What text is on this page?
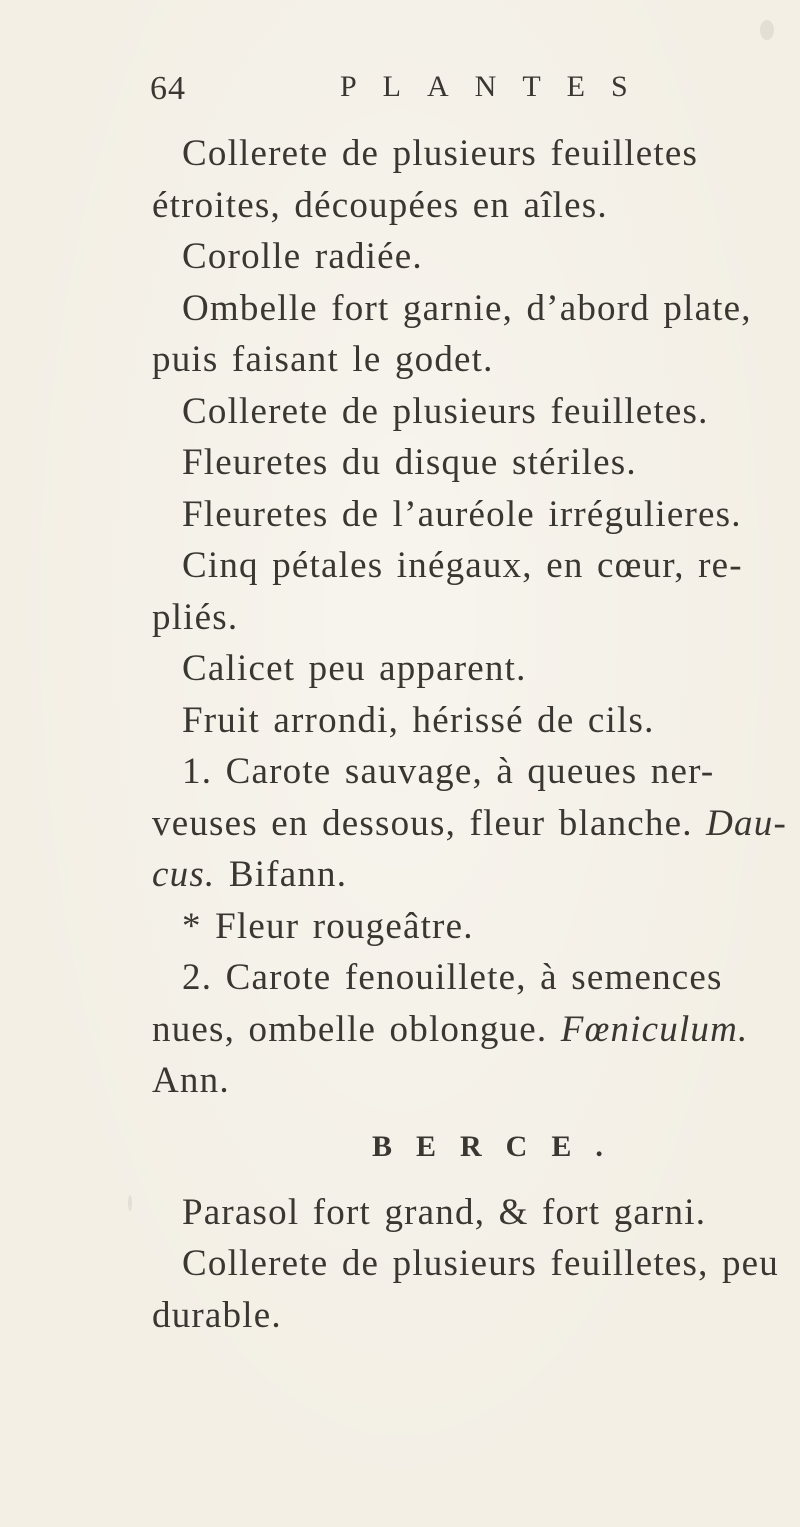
64	PLANTES
Collerete de plusieurs feuilletes
étroites, découpées en aîles.
Corolle radiée.
Ombelle fort garnie, d’abord plate,
puis faisant le godet.
Collerete de plusieurs feuilletes.
Fleuretes du disque stériles.
Fleuretes de l’auréole irrégulieres.
Cinq pétales inégaux, en cœur, re-
pliés.
Calicet peu apparent.
Fruit arrondi, hérissé de cils.
1. Carote sauvage, à queues ner-
veuses en dessous, fleur blanche. Dau-
cus. Bifann.
* Fleur rougeâtre.
2. Carote fenouillete, à semences
nues, ombelle oblongue. Fœniculum.
Ann.
BERCE.
Parasol fort grand, & fort garni.
Collerete de plusieurs feuilletes, peu
durable.
